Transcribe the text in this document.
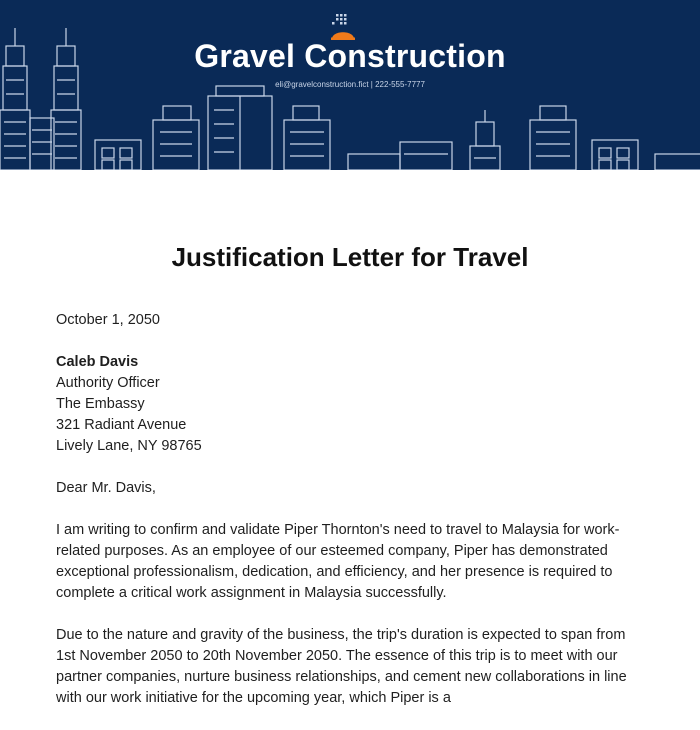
Gravel Construction
eli@gravelconstruction.fict | 222-555-7777
Justification Letter for Travel

October 1, 2050

Caleb Davis

Authority Officer

The Embassy

321 Radiant Avenue

Lively Lane, NY 98765

Dear Mr. Davis,

I am writing to confirm and validate Piper Thornton's need to travel to Malaysia for work-related purposes. As an employee of our esteemed company, Piper has demonstrated exceptional professionalism, dedication, and efficiency, and her presence is required to complete a critical work assignment in Malaysia successfully.

Due to the nature and gravity of the business, the trip's duration is expected to span from 1st November 2050 to 20th November 2050. The essence of this trip is to meet with our partner companies, nurture business relationships, and cement new collaborations in line with our work initiative for the upcoming year, which Piper is a
